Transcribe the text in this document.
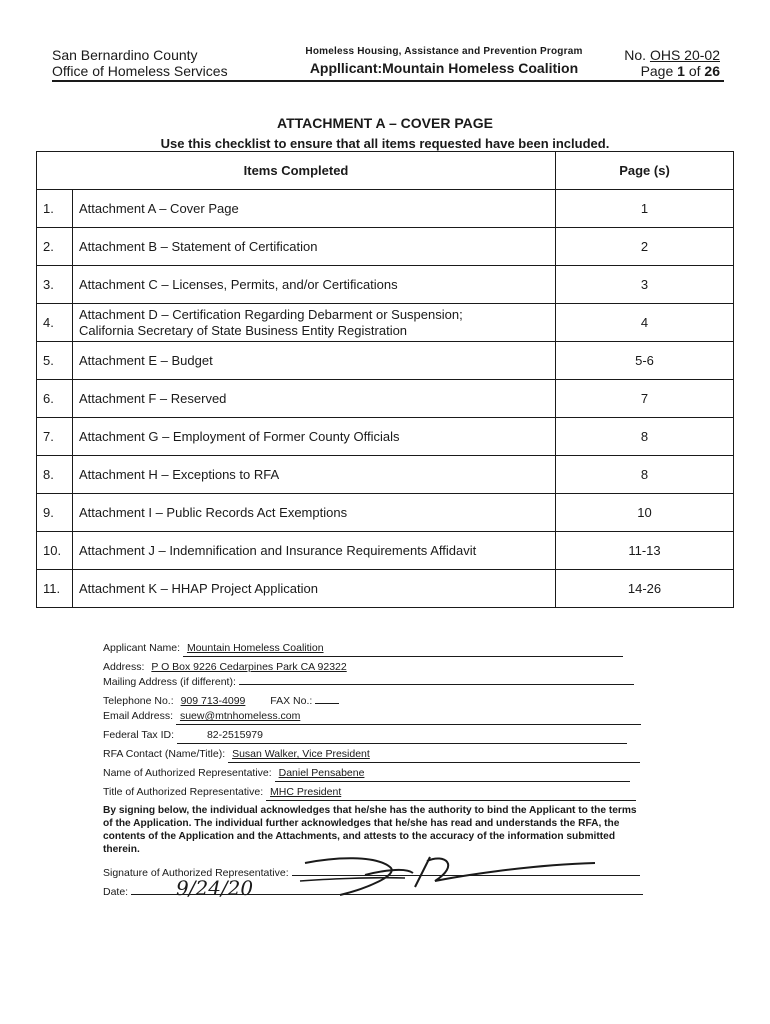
San Bernardino County
Office of Homeless Services
Homeless Housing, Assistance and Prevention Program
Appllicant:Mountain Homeless Coalition
No. OHS 20-02
Page 1 of 26
ATTACHMENT A – COVER PAGE
Use this checklist to ensure that all items requested have been included.
Items Completed		Page (s)
1.	Attachment A – Cover Page	1
2.	Attachment B – Statement of Certification	2
3.	Attachment C – Licenses, Permits, and/or Certifications	3
4.	Attachment D – Certification Regarding Debarment or Suspension;
California Secretary of State Business Entity Registration	4
5.	Attachment E – Budget	5-6
6.	Attachment F – Reserved	7
7.	Attachment G – Employment of Former County Officials	8
8.	Attachment H – Exceptions to RFA	8
9.	Attachment I – Public Records Act Exemptions	10
10.	Attachment J – Indemnification and Insurance Requirements Affidavit	11-13
11.	Attachment K – HHAP Project Application	14-26
Applicant Name: Mountain Homeless Coalition
Address: P O Box 9226 Cedarpines Park CA 92322
Mailing Address (if different):
Telephone No.: 909 713-4099 FAX No.:
Email Address: suew@mtnhomeless.com
Federal Tax ID:	82-2515979
RFA Contact (Name/Title): Susan Walker, Vice President
Name of Authorized Representative: Daniel Pensabene
Title of Authorized Representative: MHC President
By signing below, the individual acknowledges that he/she has the authority to bind the Applicant to the terms of the Application. The individual further acknowledges that he/she has read and understands the RFA, the contents of the Application and the Attachments, and attests to the accuracy of the information submitted therein.
Signature of Authorized Representative:
Date:	9/24/20
